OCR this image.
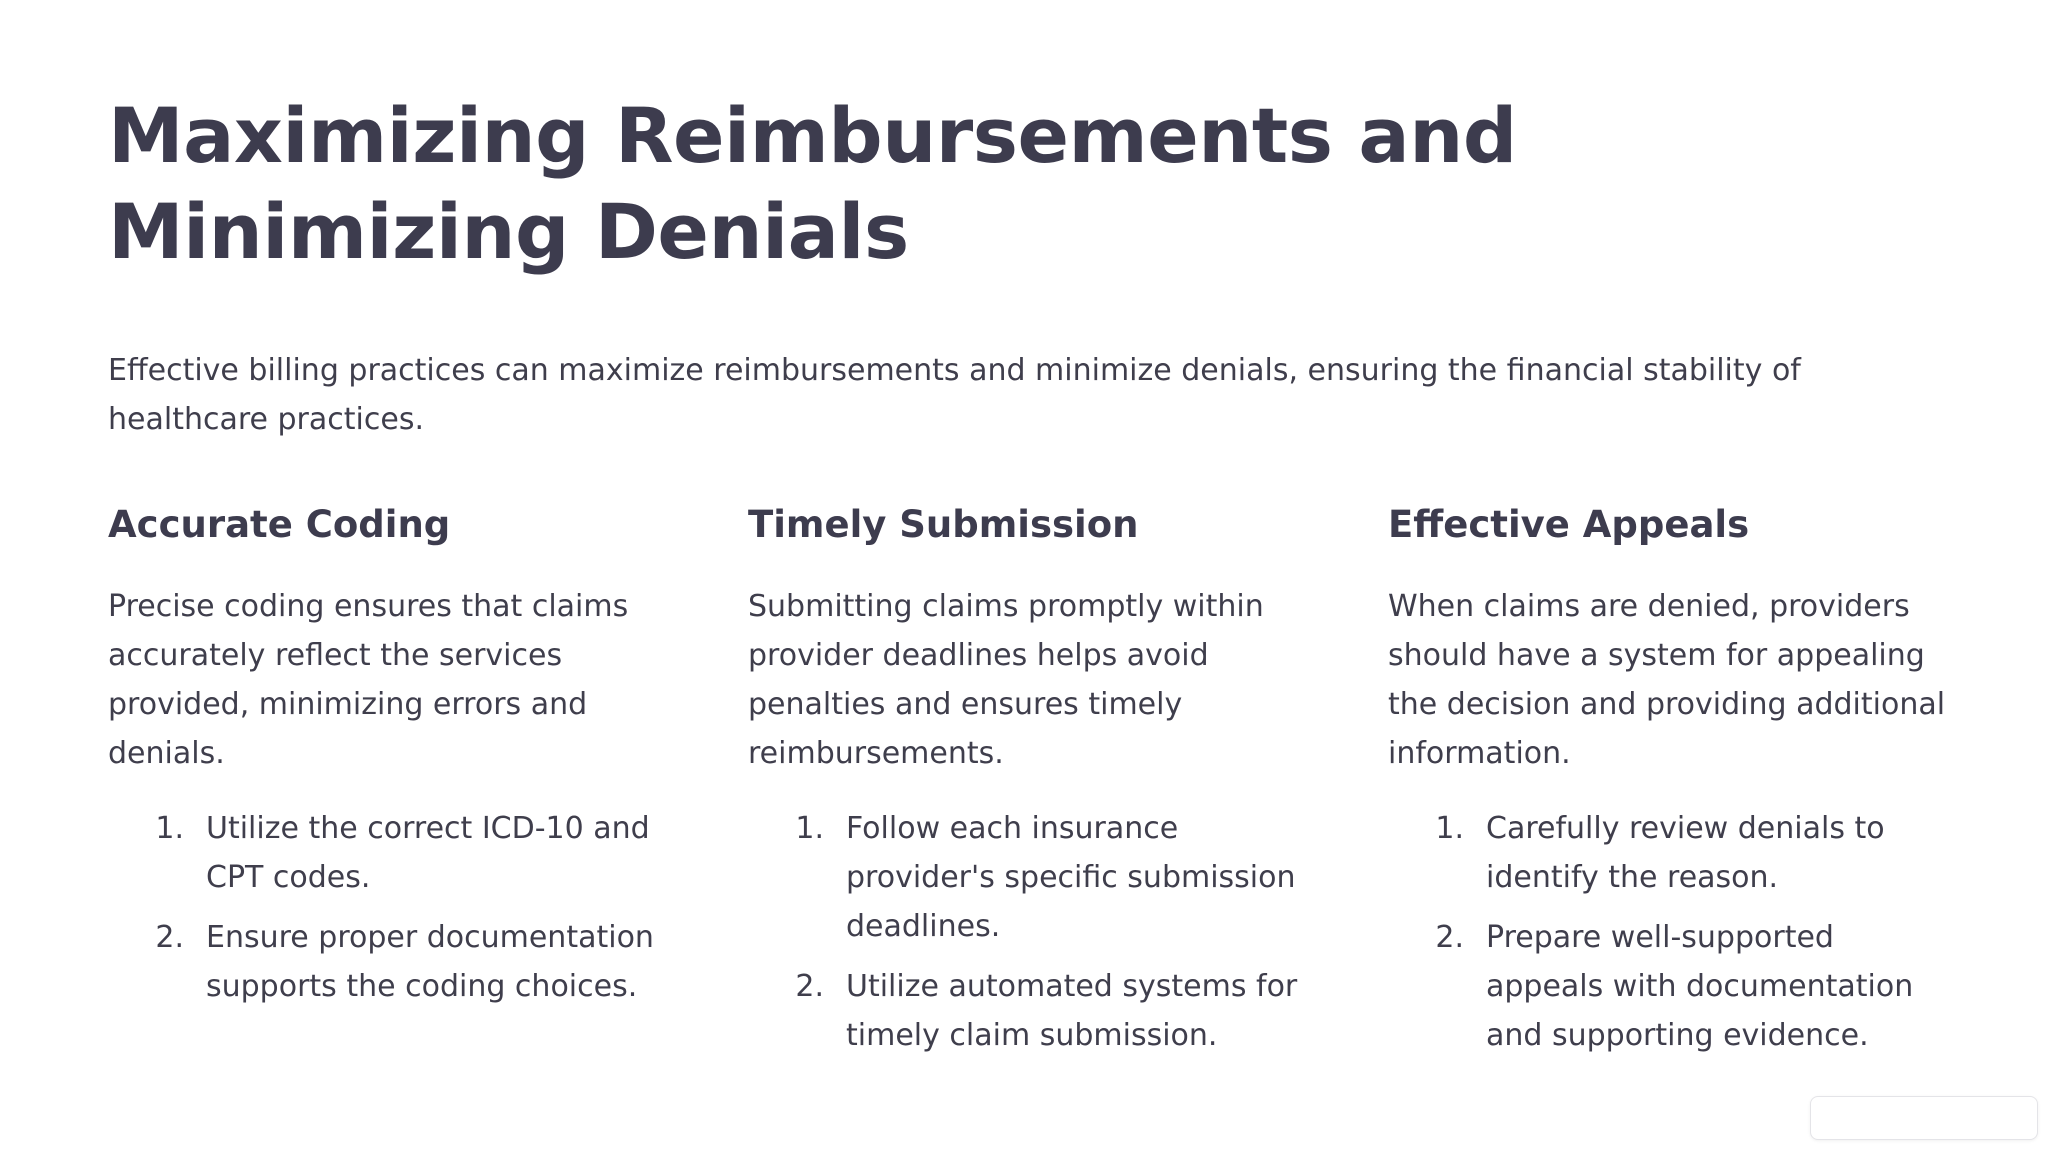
Maximizing Reimbursements and Minimizing Denials

Effective billing practices can maximize reimbursements and minimize denials, ensuring the financial stability of healthcare practices.

Accurate Coding

Precise coding ensures that claims accurately reflect the services provided, minimizing errors and denials.

1. Utilize the correct ICD-10 and CPT codes.
2. Ensure proper documentation supports the coding choices.
Timely Submission

Submitting claims promptly within provider deadlines helps avoid penalties and ensures timely reimbursements.

1. Follow each insurance provider's specific submission deadlines.
2. Utilize automated systems for timely claim submission.
Effective Appeals

When claims are denied, providers should have a system for appealing the decision and providing additional information.

1. Carefully review denials to identify the reason.
2. Prepare well-supported appeals with documentation and supporting evidence.
